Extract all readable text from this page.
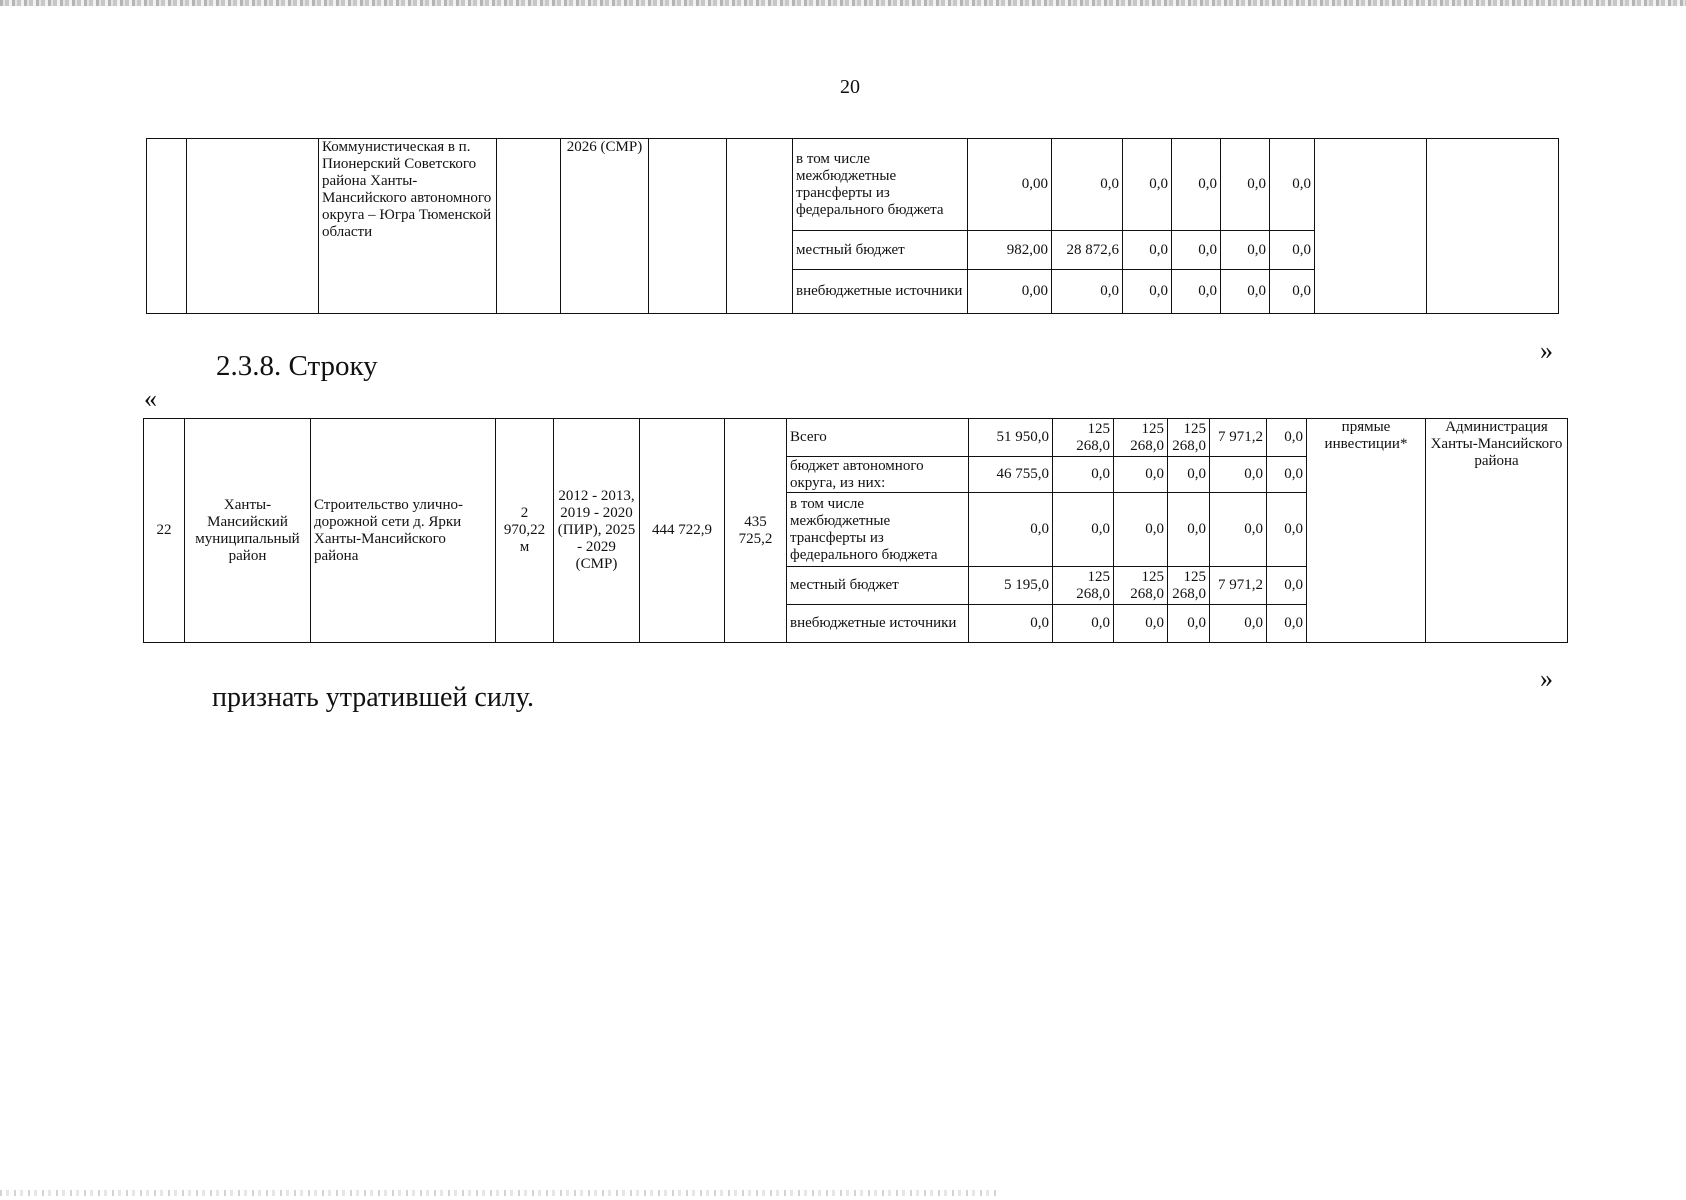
20
		Коммунистическая в п. Пионерский Советского района Ханты-Мансийского автономного округа – Югра Тюменской области		2026 (СМР)			в том числе межбюджетные трансферты из федерального бюджета	0,00	0,0	0,0	0,0	0,0	0,0		
							местный бюджет	982,00	28 872,6	0,0	0,0	0,0	0,0		
							внебюджетные источники	0,00	0,0	0,0	0,0	0,0	0,0		
»
2.3.8. Строку
«
22	Ханты-Мансийский муниципальный район	Строительство улично-дорожной сети д. Ярки Ханты-Мансийского района	2 970,22 м	2012 - 2013, 2019 - 2020 (ПИР), 2025 - 2029 (СМР)	444 722,9	435 725,2	Всего	51 950,0	125 268,0	125 268,0	125 268,0	7 971,2	0,0	прямые инвестиции*	Администрация Ханты-Мансийского района
							бюджет автономного округа, из них:	46 755,0	0,0	0,0	0,0	0,0	0,0		
							в том числе межбюджетные трансферты из федерального бюджета	0,0	0,0	0,0	0,0	0,0	0,0		
							местный бюджет	5 195,0	125 268,0	125 268,0	125 268,0	7 971,2	0,0		
							внебюджетные источники	0,0	0,0	0,0	0,0	0,0	0,0		
»
признать утратившей силу.
